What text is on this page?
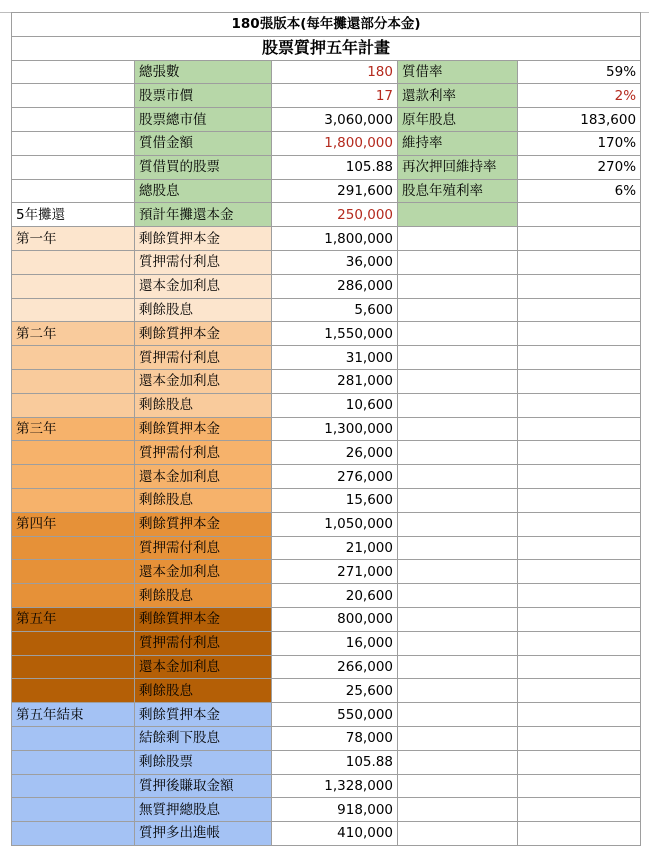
180張版本(每年攤還部分本金)				
股票質押五年計畫				
	總張數	180	質借率	59%
	股票市價	17	還款利率	2%
	股票總市值	3,060,000	原年股息	183,600
	質借金額	1,800,000	維持率	170%
	質借買的股票	105.88	再次押回維持率	270%
	總股息	291,600	股息年殖利率	6%
5年攤還	預計年攤還本金	250,000		
第一年	剩餘質押本金	1,800,000		
	質押需付利息	36,000		
	還本金加利息	286,000		
	剩餘股息	5,600		
第二年	剩餘質押本金	1,550,000		
	質押需付利息	31,000		
	還本金加利息	281,000		
	剩餘股息	10,600		
第三年	剩餘質押本金	1,300,000		
	質押需付利息	26,000		
	還本金加利息	276,000		
	剩餘股息	15,600		
第四年	剩餘質押本金	1,050,000		
	質押需付利息	21,000		
	還本金加利息	271,000		
	剩餘股息	20,600		
第五年	剩餘質押本金	800,000		
	質押需付利息	16,000		
	還本金加利息	266,000		
	剩餘股息	25,600		
第五年結束	剩餘質押本金	550,000		
	結餘剩下股息	78,000		
	剩餘股票	105.88		
	質押後賺取金額	1,328,000		
	無質押總股息	918,000		
	質押多出進帳	410,000		
